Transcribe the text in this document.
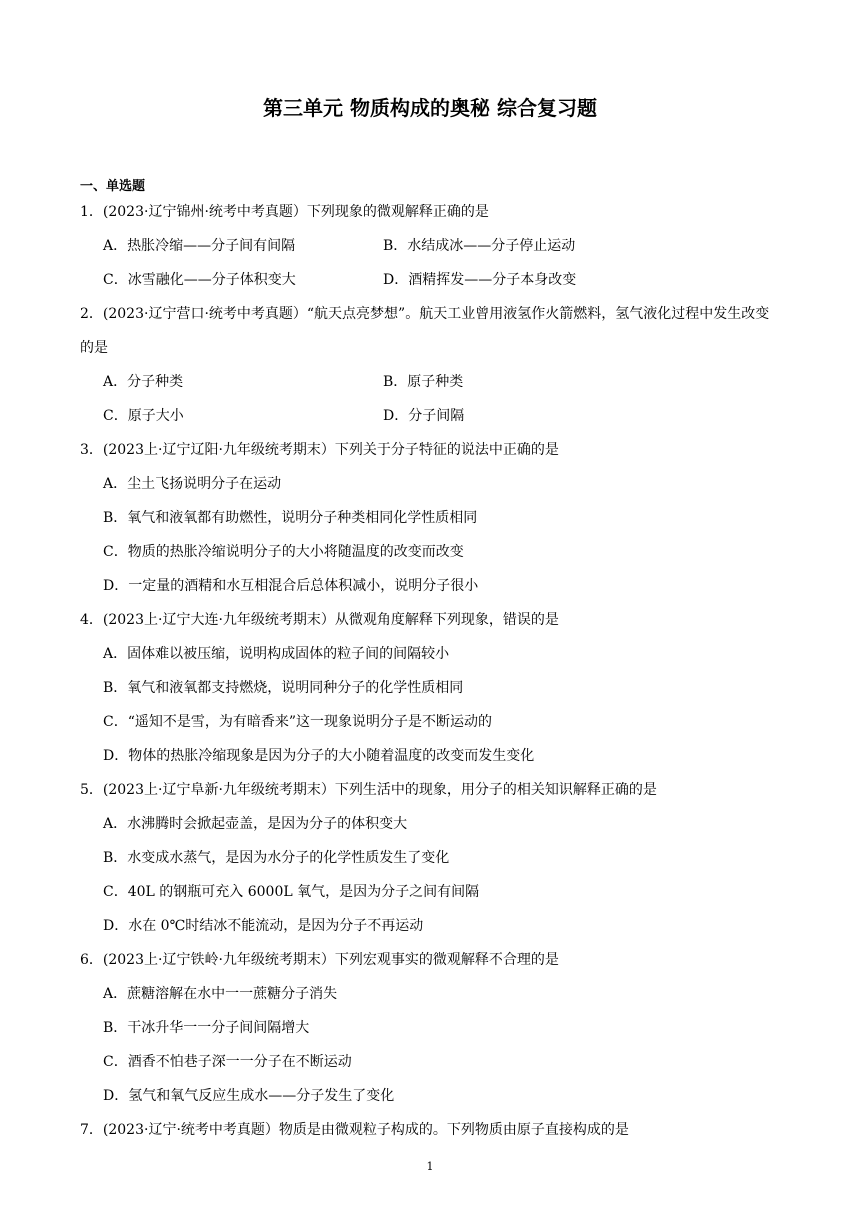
第三单元 物质构成的奥秘 综合复习题
一、单选题
1．(2023·辽宁锦州·统考中考真题）下列现象的微观解释正确的是
A．热胀冷缩——分子间有间隔	B．水结成冰——分子停止运动
C．冰雪融化——分子体积变大	D．酒精挥发——分子本身改变
2．(2023·辽宁营口·统考中考真题）“航天点亮梦想”。航天工业曾用液氢作火箭燃料，氢气液化过程中发生改变的是
A．分子种类	B．原子种类
C．原子大小	D．分子间隔
3．(2023上·辽宁辽阳·九年级统考期末）下列关于分子特征的说法中正确的是
A．尘土飞扬说明分子在运动
B．氧气和液氧都有助燃性，说明分子种类相同化学性质相同
C．物质的热胀冷缩说明分子的大小将随温度的改变而改变
D．一定量的酒精和水互相混合后总体积减小，说明分子很小
4．(2023上·辽宁大连·九年级统考期末）从微观角度解释下列现象，错误的是
A．固体难以被压缩，说明构成固体的粒子间的间隔较小
B．氧气和液氧都支持燃烧，说明同种分子的化学性质相同
C．“遥知不是雪，为有暗香来”这一现象说明分子是不断运动的
D．物体的热胀冷缩现象是因为分子的大小随着温度的改变而发生变化
5．(2023上·辽宁阜新·九年级统考期末）下列生活中的现象，用分子的相关知识解释正确的是
A．水沸腾时会掀起壶盖，是因为分子的体积变大
B．水变成水蒸气，是因为水分子的化学性质发生了变化
C．40L 的钢瓶可充入 6000L 氧气，是因为分子之间有间隔
D．水在 0℃时结冰不能流动，是因为分子不再运动
6．(2023上·辽宁铁岭·九年级统考期末）下列宏观事实的微观解释不合理的是
A．蔗糖溶解在水中一一蔗糖分子消失
B．干冰升华一一分子间间隔增大
C．酒香不怕巷子深一一分子在不断运动
D．氢气和氧气反应生成水——分子发生了变化
7．(2023·辽宁·统考中考真题）物质是由微观粒子构成的。下列物质由原子直接构成的是
1
